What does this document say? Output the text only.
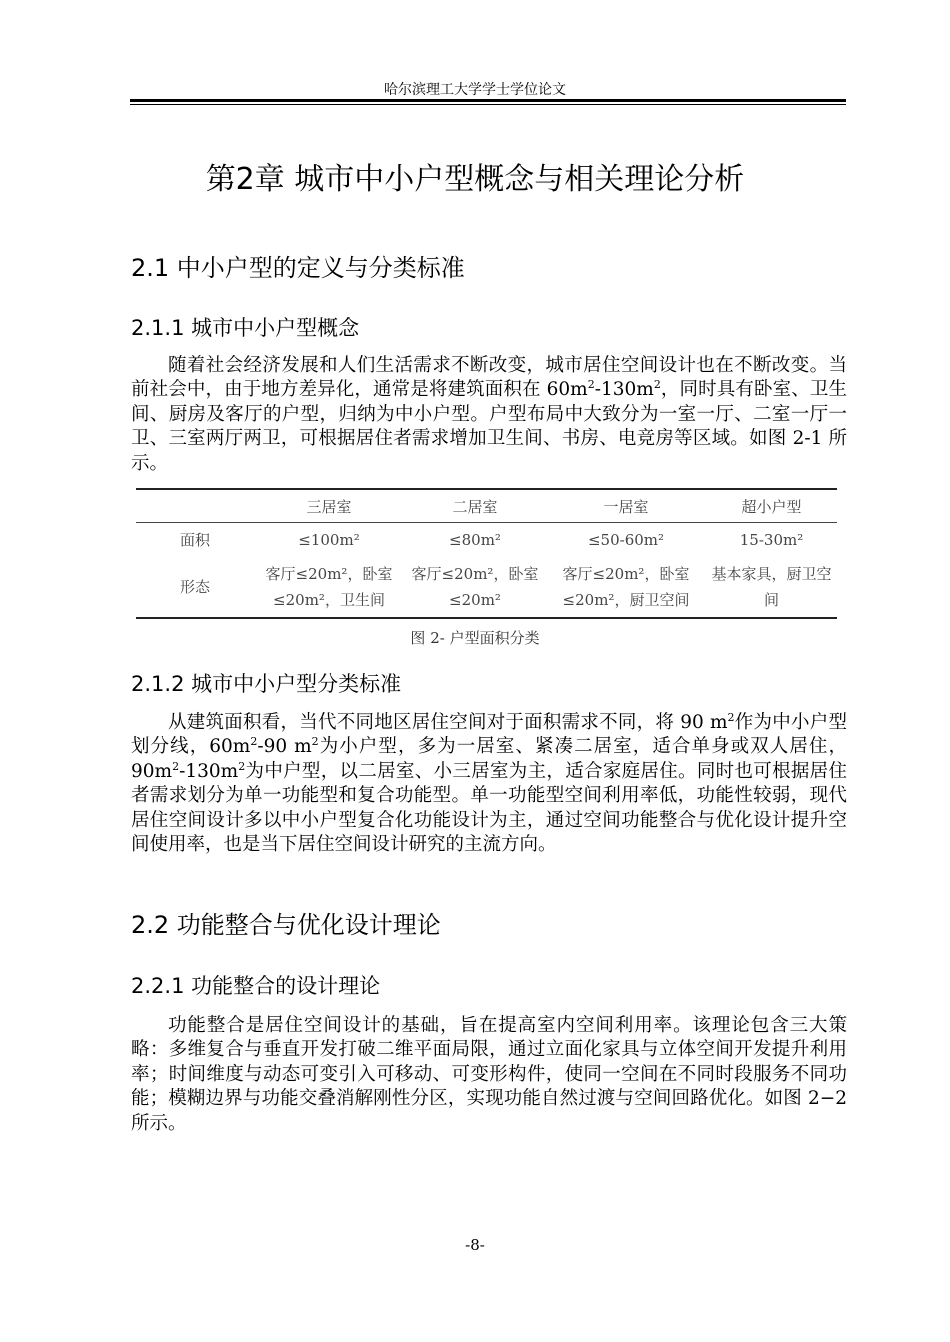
哈尔滨理工大学学士学位论文
第2章 城市中小户型概念与相关理论分析
2.1 中小户型的定义与分类标准
2.1.1 城市中小户型概念
随着社会经济发展和人们生活需求不断改变，城市居住空间设计也在不断改变。当前社会中，由于地方差异化，通常是将建筑面积在 $60m^2-130m^2$，同时具有卧室、卫生间、厨房及客厅的户型，归纳为中小户型。户型布局中大致分为一室一厅、二室一厅一卫、三室两厅两卫，可根据居住者需求增加卫生间、书房、电竞房等区域。如图 2-1 所示。
	三居室	二居室	一居室	超小户型
面积	≤100m²	≤80m²	≤50-60m²	15-30m²
形态	客厅≤20m²，卧室≤20m²，卫生间	客厅≤20m²，卧室≤20m²	客厅≤20m²，卧室≤20m²，厨卫空间	基本家具，厨卫空间
图 2- 户型面积分类
2.1.2 城市中小户型分类标准
从建筑面积看，当代不同地区居住空间对于面积需求不同，将 90 $m^2$作为中小户型划分线，$60m^2-90$ $m^2$为小户型，多为一居室、紧凑二居室，适合单身或双人居住，$90m^2-130m^2$为中户型，以二居室、小三居室为主，适合家庭居住。同时也可根据居住者需求划分为单一功能型和复合功能型。单一功能型空间利用率低，功能性较弱，现代居住空间设计多以中小户型复合化功能设计为主，通过空间功能整合与优化设计提升空间使用率，也是当下居住空间设计研究的主流方向。
2.2 功能整合与优化设计理论
2.2.1 功能整合的设计理论
功能整合是居住空间设计的基础，旨在提高室内空间利用率。该理论包含三大策略：多维复合与垂直开发打破二维平面局限，通过立面化家具与立体空间开发提升利用率；时间维度与动态可变引入可移动、可变形构件，使同一空间在不同时段服务不同功能；模糊边界与功能交叠消解刚性分区，实现功能自然过渡与空间回路优化。如图 2−2 所示。
-8-
